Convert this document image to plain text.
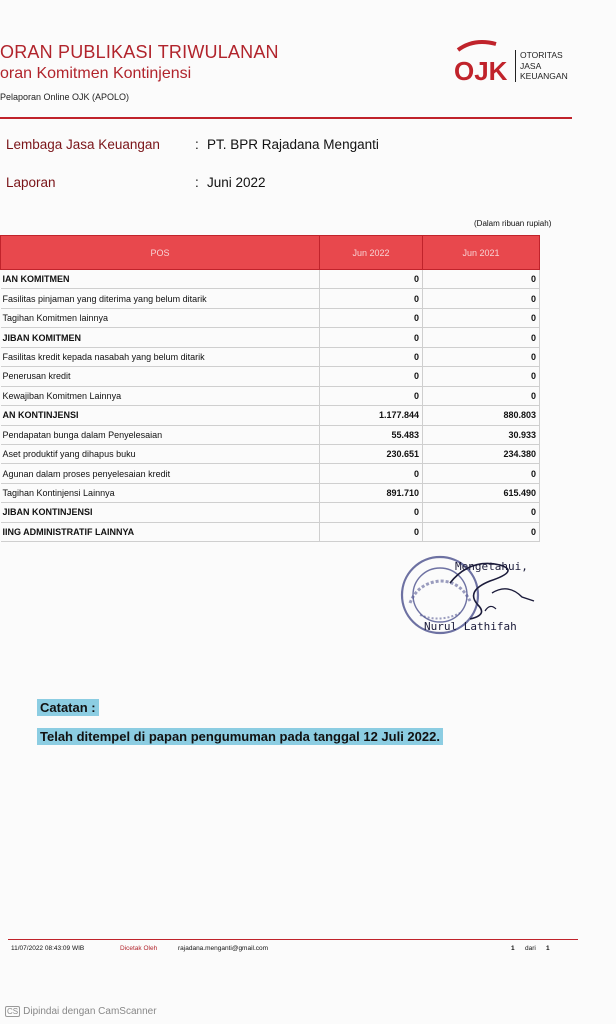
ORAN PUBLIKASI TRIWULANAN
oran Komitmen Kontinjensi
Pelaporan Online OJK (APOLO)
OJK
OTORITAS
JASA
KEUANGAN
Lembaga Jasa Keuangan	: PT. BPR Rajadana Menganti
Laporan	: Juni 2022
(Dalam ribuan rupiah)
POS	Jun 2022	Jun 2021
IAN KOMITMEN	0	0
Fasilitas pinjaman yang diterima yang belum ditarik	0	0
Tagihan Komitmen lainnya	0	0
JIBAN KOMITMEN	0	0
Fasilitas kredit kepada nasabah yang belum ditarik	0	0
Penerusan kredit	0	0
Kewajiban Komitmen Lainnya	0	0
AN KONTINJENSI	1.177.844	880.803
Pendapatan bunga dalam Penyelesaian	55.483	30.933
Aset produktif yang dihapus buku	230.651	234.380
Agunan dalam proses penyelesaian kredit	0	0
Tagihan Kontinjensi Lainnya	891.710	615.490
JIBAN KONTINJENSI	0	0
IING ADMINISTRATIF LAINNYA	0	0
Mengetahui,
Nurul Lathifah
Catatan :
Telah ditempel di papan pengumuman pada tanggal 12 Juli 2022.
11/07/2022 08:43:09 WIB	Dicetak Oleh	rajadana.menganti@gmail.com	1 dari 1
CS Dipindai dengan CamScanner
